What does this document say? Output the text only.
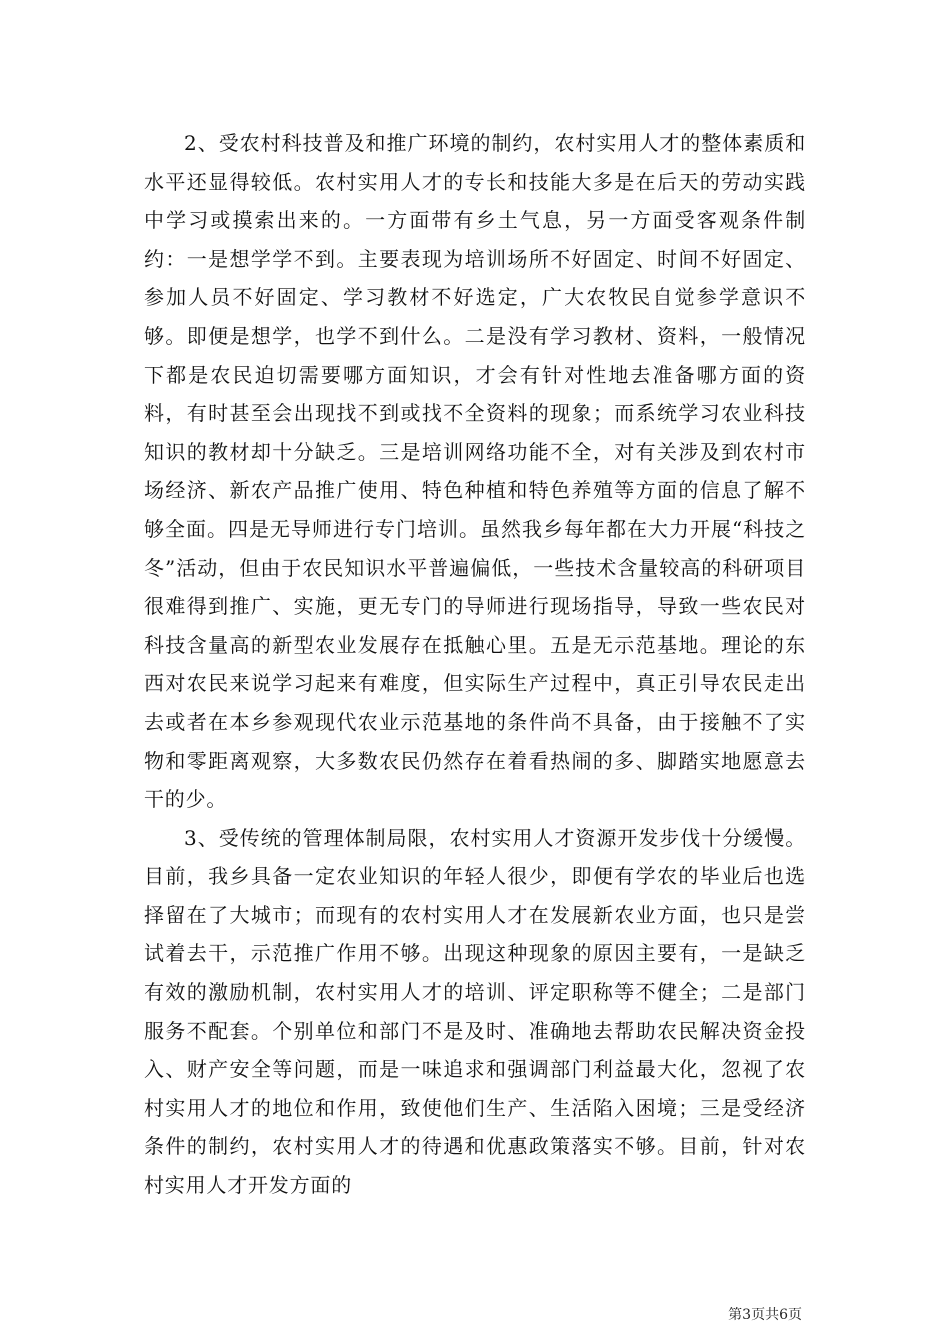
2、受农村科技普及和推广环境的制约，农村实用人才的整体素质和水平还显得较低。农村实用人才的专长和技能大多是在后天的劳动实践中学习或摸索出来的。一方面带有乡土气息，另一方面受客观条件制约：一是想学学不到。主要表现为培训场所不好固定、时间不好固定、参加人员不好固定、学习教材不好选定，广大农牧民自觉参学意识不够。即便是想学，也学不到什么。二是没有学习教材、资料，一般情况下都是农民迫切需要哪方面知识，才会有针对性地去准备哪方面的资料，有时甚至会出现找不到或找不全资料的现象；而系统学习农业科技知识的教材却十分缺乏。三是培训网络功能不全，对有关涉及到农村市场经济、新农产品推广使用、特色种植和特色养殖等方面的信息了解不够全面。四是无导师进行专门培训。虽然我乡每年都在大力开展“科技之冬”活动，但由于农民知识水平普遍偏低，一些技术含量较高的科研项目很难得到推广、实施，更无专门的导师进行现场指导，导致一些农民对科技含量高的新型农业发展存在抵触心里。五是无示范基地。理论的东西对农民来说学习起来有难度，但实际生产过程中，真正引导农民走出去或者在本乡参观现代农业示范基地的条件尚不具备，由于接触不了实物和零距离观察，大多数农民仍然存在着看热闹的多、脚踏实地愿意去干的少。

3、受传统的管理体制局限，农村实用人才资源开发步伐十分缓慢。目前，我乡具备一定农业知识的年轻人很少，即便有学农的毕业后也选择留在了大城市；而现有的农村实用人才在发展新农业方面，也只是尝试着去干，示范推广作用不够。出现这种现象的原因主要有，一是缺乏有效的激励机制，农村实用人才的培训、评定职称等不健全；二是部门服务不配套。个别单位和部门不是及时、准确地去帮助农民解决资金投入、财产安全等问题，而是一味追求和强调部门利益最大化，忽视了农村实用人才的地位和作用，致使他们生产、生活陷入困境；三是受经济条件的制约，农村实用人才的待遇和优惠政策落实不够。目前，针对农村实用人才开发方面的

第3页共6页
